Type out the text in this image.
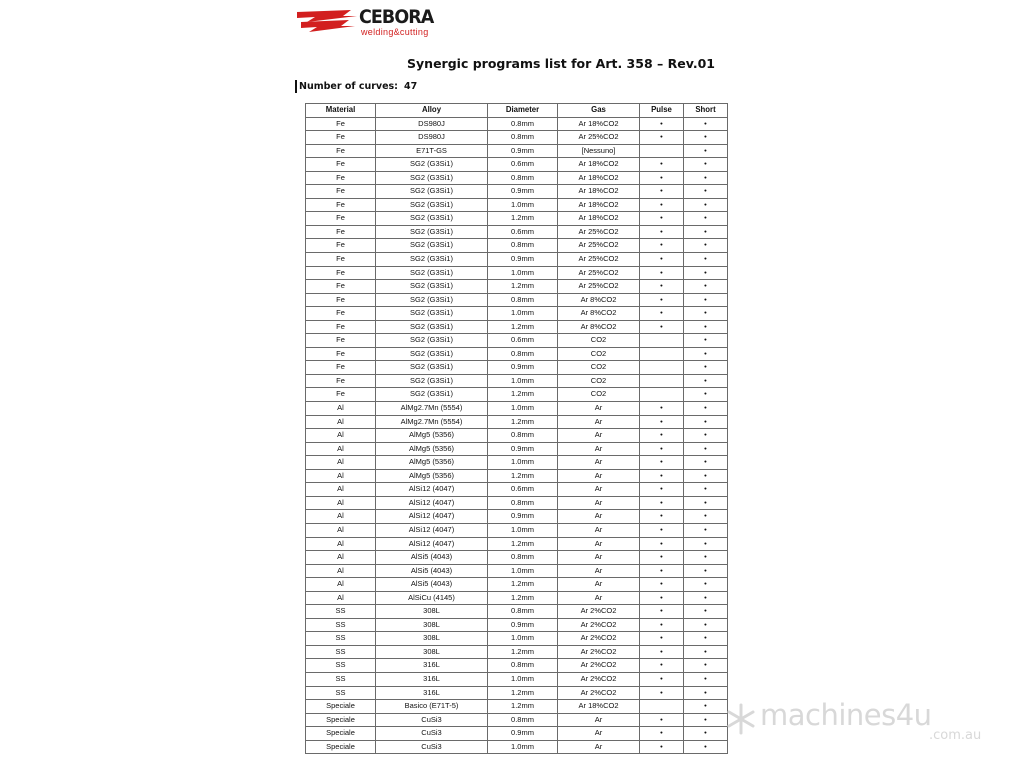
CEBORA
welding&cutting
Synergic programs list for Art. 358 – Rev.01
Number of curves: 47
Material	Alloy	Diameter	Gas	Pulse	Short
Fe	DS980J	0.8mm	Ar 18%CO2	•	•
Fe	DS980J	0.8mm	Ar 25%CO2	•	•
Fe	E71T-GS	0.9mm	[Nessuno]		•
Fe	SG2 (G3Si1)	0.6mm	Ar 18%CO2	•	•
Fe	SG2 (G3Si1)	0.8mm	Ar 18%CO2	•	•
Fe	SG2 (G3Si1)	0.9mm	Ar 18%CO2	•	•
Fe	SG2 (G3Si1)	1.0mm	Ar 18%CO2	•	•
Fe	SG2 (G3Si1)	1.2mm	Ar 18%CO2	•	•
Fe	SG2 (G3Si1)	0.6mm	Ar 25%CO2	•	•
Fe	SG2 (G3Si1)	0.8mm	Ar 25%CO2	•	•
Fe	SG2 (G3Si1)	0.9mm	Ar 25%CO2	•	•
Fe	SG2 (G3Si1)	1.0mm	Ar 25%CO2	•	•
Fe	SG2 (G3Si1)	1.2mm	Ar 25%CO2	•	•
Fe	SG2 (G3Si1)	0.8mm	Ar 8%CO2	•	•
Fe	SG2 (G3Si1)	1.0mm	Ar 8%CO2	•	•
Fe	SG2 (G3Si1)	1.2mm	Ar 8%CO2	•	•
Fe	SG2 (G3Si1)	0.6mm	CO2		•
Fe	SG2 (G3Si1)	0.8mm	CO2		•
Fe	SG2 (G3Si1)	0.9mm	CO2		•
Fe	SG2 (G3Si1)	1.0mm	CO2		•
Fe	SG2 (G3Si1)	1.2mm	CO2		•
Al	AlMg2.7Mn (5554)	1.0mm	Ar	•	•
Al	AlMg2.7Mn (5554)	1.2mm	Ar	•	•
Al	AlMg5 (5356)	0.8mm	Ar	•	•
Al	AlMg5 (5356)	0.9mm	Ar	•	•
Al	AlMg5 (5356)	1.0mm	Ar	•	•
Al	AlMg5 (5356)	1.2mm	Ar	•	•
Al	AlSi12 (4047)	0.6mm	Ar	•	•
Al	AlSi12 (4047)	0.8mm	Ar	•	•
Al	AlSi12 (4047)	0.9mm	Ar	•	•
Al	AlSi12 (4047)	1.0mm	Ar	•	•
Al	AlSi12 (4047)	1.2mm	Ar	•	•
Al	AlSi5 (4043)	0.8mm	Ar	•	•
Al	AlSi5 (4043)	1.0mm	Ar	•	•
Al	AlSi5 (4043)	1.2mm	Ar	•	•
Al	AlSiCu (4145)	1.2mm	Ar	•	•
SS	308L	0.8mm	Ar 2%CO2	•	•
SS	308L	0.9mm	Ar 2%CO2	•	•
SS	308L	1.0mm	Ar 2%CO2	•	•
SS	308L	1.2mm	Ar 2%CO2	•	•
SS	316L	0.8mm	Ar 2%CO2	•	•
SS	316L	1.0mm	Ar 2%CO2	•	•
SS	316L	1.2mm	Ar 2%CO2	•	•
Speciale	Basico (E71T-5)	1.2mm	Ar 18%CO2		•
Speciale	CuSi3	0.8mm	Ar	•	•
Speciale	CuSi3	0.9mm	Ar	•	•
Speciale	CuSi3	1.0mm	Ar	•	•
machines4u
.com.au
